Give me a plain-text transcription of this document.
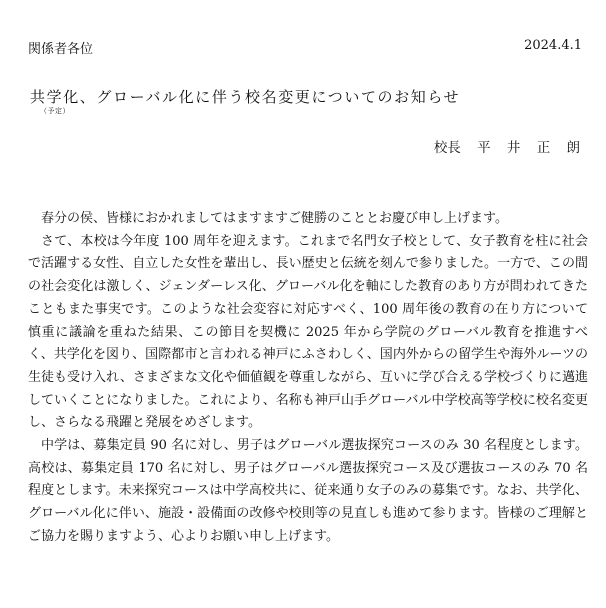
関係者各位	2024.4.1
共学化、グローバル化に伴う校名変更についてのお知らせ
（予定）
校長 平 井 正 朗

春分の侯、皆様におかれましてはますますご健勝のこととお慶び申し上げます。

さて、本校は今年度 100 周年を迎えます。これまで名門女子校として、女子教育を柱に社会で活躍する女性、自立した女性を輩出し、長い歴史と伝統を刻んで参りました。一方で、この間の社会変化は激しく、ジェンダーレス化、グローバル化を軸にした教育のあり方が問われてきたこともまた事実です。このような社会変容に対応すべく、100 周年後の教育の在り方について慎重に議論を重ねた結果、この節目を契機に 2025 年から学院のグローバル教育を推進すべく、共学化を図り、国際都市と言われる神戸にふさわしく、国内外からの留学生や海外ルーツの生徒も受け入れ、さまざまな文化や価値観を尊重しながら、互いに学び合える学校づくりに邁進していくことになりました。これにより、名称も神戸山手グローバル中学校高等学校に校名変更し、さらなる飛躍と発展をめざします。

中学は、募集定員 90 名に対し、男子はグローバル選抜探究コースのみ 30 名程度とします。高校は、募集定員 170 名に対し、男子はグローバル選抜探究コース及び選抜コースのみ 70 名程度とします。未来探究コースは中学高校共に、従来通り女子のみの募集です。なお、共学化、グローバル化に伴い、施設・設備面の改修や校則等の見直しも進めて参ります。皆様のご理解とご協力を賜りますよう、心よりお願い申し上げます。
